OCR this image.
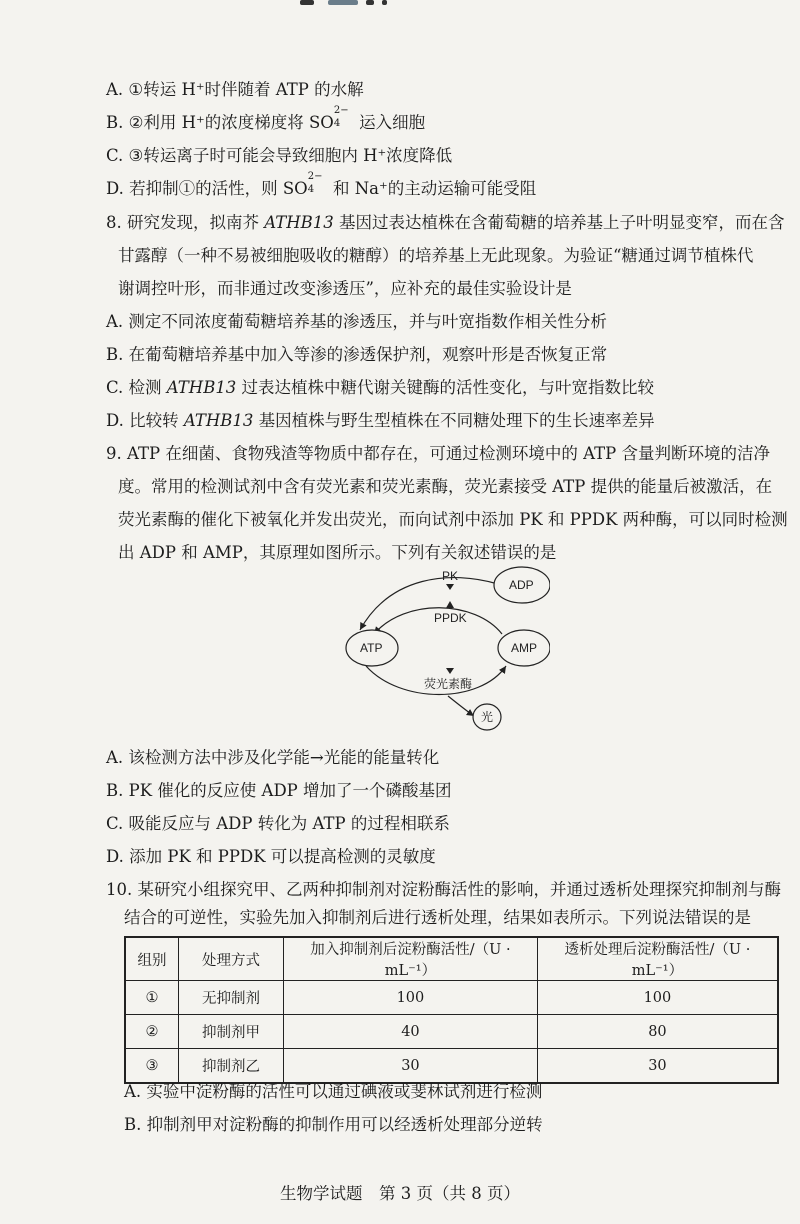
A. ①转运 H⁺时伴随着 ATP 的水解
B. ②利用 H⁺的浓度梯度将 SO
2−
4 运入细胞
C. ③转运离子时可能会导致细胞内 H⁺浓度降低
D. 若抑制①的活性，则 SO
2−
4 和 Na⁺的主动运输可能受阻
8. 研究发现，拟南芥 ATHB13 基因过表达植株在含葡萄糖的培养基上子叶明显变窄，而在含
甘露醇（一种不易被细胞吸收的糖醇）的培养基上无此现象。为验证“糖通过调节植株代
谢调控叶形，而非通过改变渗透压”，应补充的最佳实验设计是
A. 测定不同浓度葡萄糖培养基的渗透压，并与叶宽指数作相关性分析
B. 在葡萄糖培养基中加入等渗的渗透保护剂，观察叶形是否恢复正常
C. 检测 ATHB13 过表达植株中糖代谢关键酶的活性变化，与叶宽指数比较
D. 比较转 ATHB13 基因植株与野生型植株在不同糖处理下的生长速率差异
9. ATP 在细菌、食物残渣等物质中都存在，可通过检测环境中的 ATP 含量判断环境的洁净
度。常用的检测试剂中含有荧光素和荧光素酶，荧光素接受 ATP 提供的能量后被激活，在
荧光素酶的催化下被氧化并发出荧光，而向试剂中添加 PK 和 PPDK 两种酶，可以同时检测
出 ADP 和 AMP，其原理如图所示。下列有关叙述错误的是
PK
PPDK
ADP
ATP	AMP
荧光素酶
光
A. 该检测方法中涉及化学能→光能的能量转化
B. PK 催化的反应使 ADP 增加了一个磷酸基团
C. 吸能反应与 ADP 转化为 ATP 的过程相联系
D. 添加 PK 和 PPDK 可以提高检测的灵敏度
10. 某研究小组探究甲、乙两种抑制剂对淀粉酶活性的影响，并通过透析处理探究抑制剂与酶
结合的可逆性，实验先加入抑制剂后进行透析处理，结果如表所示。下列说法错误的是
组别	处理方式	加入抑制剂后淀粉酶活性/（U · mL⁻¹）	透析处理后淀粉酶活性/（U · mL⁻¹）
①	无抑制剂	100	100
②	抑制剂甲	40	80
③	抑制剂乙	30	30
A. 实验中淀粉酶的活性可以通过碘液或斐林试剂进行检测
B. 抑制剂甲对淀粉酶的抑制作用可以经透析处理部分逆转
生物学试题　第 3 页（共 8 页）
